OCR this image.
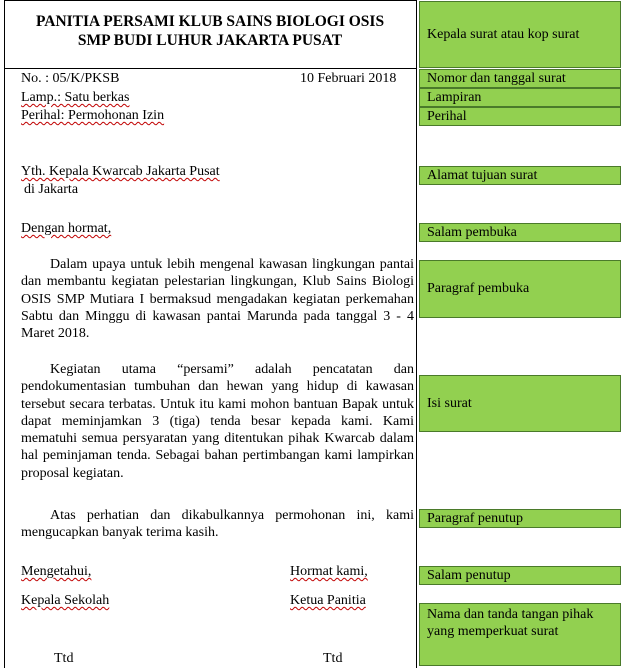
PANITIA PERSAMI KLUB SAINS BIOLOGI OSIS
SMP BUDI LUHUR JAKARTA PUSAT
No. : 05/K/PKSB	10 Februari 2018
Lamp.: Satu berkas
Perihal: Permohonan Izin
Yth. Kepala Kwarcab Jakarta Pusat
di Jakarta
Dengan hormat,
Dalam upaya untuk lebih mengenal kawasan lingkungan pantai dan membantu kegiatan pelestarian lingkungan, Klub Sains Biologi OSIS SMP Mutiara I bermaksud mengadakan kegiatan perkemahan Sabtu dan Minggu di kawasan pantai Marunda pada tanggal 3 - 4 Maret 2018.
Kegiatan utama “persami” adalah pencatatan dan pendokumentasian tumbuhan dan hewan yang hidup di kawasan tersebut secara terbatas. Untuk itu kami mohon bantuan Bapak untuk dapat meminjamkan 3 (tiga) tenda besar kepada kami. Kami mematuhi semua persyaratan yang ditentukan pihak Kwarcab dalam hal peminjaman tenda. Sebagai bahan pertimbangan kami lampirkan proposal kegiatan.
Atas perhatian dan dikabulkannya permohonan ini, kami mengucapkan banyak terima kasih.
Mengetahui,	Hormat kami,
Kepala Sekolah	Ketua Panitia
Ttd	Ttd
Kepala surat atau kop surat
Nomor dan tanggal surat
Lampiran
Perihal
Alamat tujuan surat
Salam pembuka
Paragraf pembuka
Isi surat
Paragraf penutup
Salam penutup
Nama dan tanda tangan pihak yang memperkuat surat
